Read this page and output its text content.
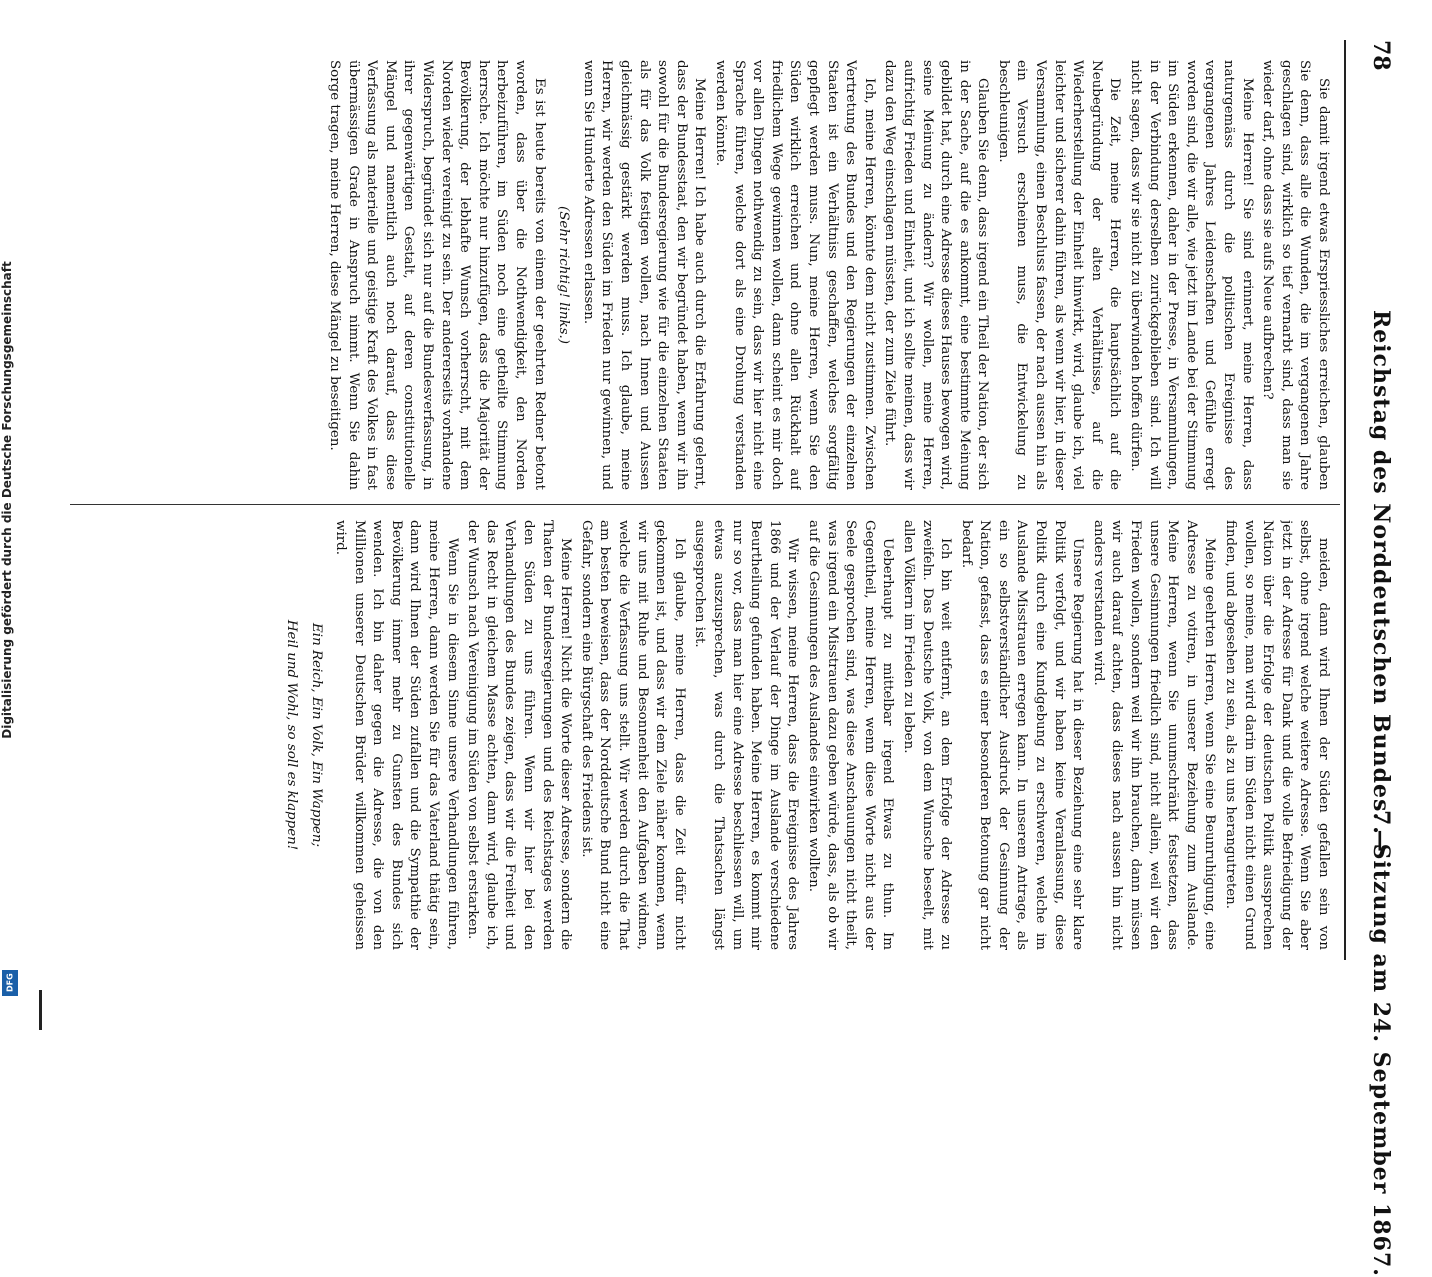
78
Reichstag des Norddeutschen Bundes. —
7. Sitzung am 24. September 1867.

Sie damit irgend etwas Erspriessliches erreichen, glauben Sie denn, dass alle die Wunden, die im vergangenen Jahre geschlagen sind, wirklich so tief vernarbt sind, dass man sie wieder darf, ohne dass sie aufs Neue aufbrechen?

Meine Herren! Sie sind erinnert, meine Herren, dass naturgemäss durch die politischen Ereignisse des vergangenen Jahres Leidenschaften und Gefühle erregt worden sind, die wir alle, wie jetzt im Lande bei der Stimmung im Süden erkennen, daher in der Presse, in Versammlungen, in der Verbindung derselben zurückgeblieben sind. Ich will nicht sagen, dass wir sie nicht zu überwinden hoffen dürfen.

Die Zeit, meine Herren, die hauptsächlich auf die Neubegründung der alten Verhältnisse, auf die Wiederherstellung der Einheit hinwirkt, wird, glaube ich, viel leichter und sicherer dahin führen, als wenn wir hier, in dieser Versammlung, einen Beschluss fassen, der nach aussen hin als ein Versuch erscheinen muss, die Entwickelung zu beschleunigen.

Glauben Sie denn, dass irgend ein Theil der Nation, der sich in der Sache, auf die es ankommt, eine bestimmte Meinung gebildet hat, durch eine Adresse dieses Hauses bewogen wird, seine Meinung zu ändern? Wir wollen, meine Herren, aufrichtig Frieden und Einheit, und ich sollte meinen, dass wir dazu den Weg einschlagen müssten, der zum Ziele führt.

Ich, meine Herren, könnte dem nicht zustimmen. Zwischen Vertretung des Bundes und den Regierungen der einzelnen Staaten ist ein Verhältniss geschaffen, welches sorgfältig gepflegt werden muss. Nun, meine Herren, wenn Sie den Süden wirklich erreichen und ohne allen Rückhalt auf friedlichem Wege gewinnen wollen, dann scheint es mir doch vor allen Dingen nothwendig zu sein, dass wir hier nicht eine Sprache führen, welche dort als eine Drohung verstanden werden könnte.

Meine Herren! Ich habe auch durch die Erfahrung gelernt, dass der Bundesstaat, den wir begründet haben, wenn wir ihn sowohl für die Bundesregierung wie für die einzelnen Staaten als für das Volk festigen wollen, nach Innen und Aussen gleichmässig gestärkt werden muss. Ich glaube, meine Herren, wir werden den Süden im Frieden nur gewinnen, und wenn Sie Hunderte Adressen erlassen.

(Sehr richtig! links.)

Es ist heute bereits von einem der geehrten Redner betont worden, dass über die Nothwendigkeit, den Norden herbeizuführen, im Süden noch eine getheilte Stimmung herrsche. Ich möchte nur hinzufügen, dass die Majorität der Bevölkerung, der lebhafte Wunsch vorherrscht, mit dem Norden wieder vereinigt zu sein. Der andererseits vorhandene Widerspruch, begründet sich nur auf die Bundesverfassung, in ihrer gegenwärtigen Gestalt, auf deren constitutionelle Mängel und namentlich auch noch darauf, dass diese Verfassung als materielle und geistige Kraft des Volkes in fast übermässigen Grade in Anspruch nimmt. Wenn Sie dahin Sorge tragen, meine Herren, diese Mängel zu beseitigen.

meiden, dann wird Ihnen der Süden gefallen sein von selbst, ohne irgend welche weitere Adresse. Wenn Sie aber jetzt in der Adresse für Dank und die volle Befriedigung der Nation über die Erfolge der deutschen Politik aussprechen wollen, so meine, man wird darin im Süden nicht einen Grund finden, und abgesehen zu sein, als zu uns herangutreten.

Meine geehrten Herren, wenn Sie eine Beunruhigung, eine Adresse zu votiren, in unserer Beziehung zum Auslande. Meine Herren, wenn Sie unumschränkt festsetzen, dass unsere Gesinnungen friedlich sind, nicht allein, weil wir den Frieden wollen, sondern weil wir ihn brauchen, dann müssen wir auch darauf achten, dass dieses nach aussen hin nicht anders verstanden wird.

Unsere Regierung hat in dieser Beziehung eine sehr klare Politik verfolgt, und wir haben keine Veranlassung, diese Politik durch eine Kundgebung zu erschweren, welche im Auslande Misstrauen erregen kann. In unserem Antrage, als ein so selbstverständlicher Ausdruck der Gesinnung der Nation, gefasst, dass es einer besonderen Betonung gar nicht bedarf.

Ich bin weit entfernt, an dem Erfolge der Adresse zu zweifeln. Das Deutsche Volk, von dem Wunsche beseelt, mit allen Völkern im Frieden zu leben.

Ueberhaupt zu mittelbar irgend Etwas zu thun. Im Gegentheil, meine Herren, wenn diese Worte nicht aus der Seele gesprochen sind, was diese Anschauungen nicht theilt, was irgend ein Misstrauen dazu geben würde, dass, als ob wir auf die Gesinnungen des Auslandes einwirken wollten.

Wir wissen, meine Herren, dass die Ereignisse des Jahres 1866 und der Verlauf der Dinge im Auslande verschiedene Beurtheilung gefunden haben. Meine Herren, es kommt mir nur so vor, dass man hier eine Adresse beschliessen will, um etwas auszusprechen, was durch die Thatsachen längst ausgesprochen ist.

Ich glaube, meine Herren, dass die Zeit dafür nicht gekommen ist, und dass wir dem Ziele näher kommen, wenn wir uns mit Ruhe und Besonnenheit den Aufgaben widmen, welche die Verfassung uns stellt. Wir werden durch die That am besten beweisen, dass der Norddeutsche Bund nicht eine Gefahr, sondern eine Bürgschaft des Friedens ist.

Meine Herren! Nicht die Worte dieser Adresse, sondern die Thaten der Bundesregierungen und des Reichstages werden den Süden zu uns führen. Wenn wir hier bei den Verhandlungen des Bundes zeigen, dass wir die Freiheit und das Recht in gleichem Masse achten, dann wird, glaube ich, der Wunsch nach Vereinigung im Süden von selbst erstarken.

Wenn Sie in diesem Sinne unsere Verhandlungen führen, meine Herren, dann werden Sie für das Vaterland thätig sein, dann wird Ihnen der Süden zufallen und die Sympathie der Bevölkerung immer mehr zu Gunsten des Bundes sich wenden. Ich bin daher gegen die Adresse, die von den Millionen unserer Deutschen Brüder willkommen geheissen wird.

Ein Reich, Ein Volk, Ein Wappen;

Heil und Wohl, so soll es klappen!

Digitalisierung gefördert durch die Deutsche Forschungsgemeinschaft
DFG
